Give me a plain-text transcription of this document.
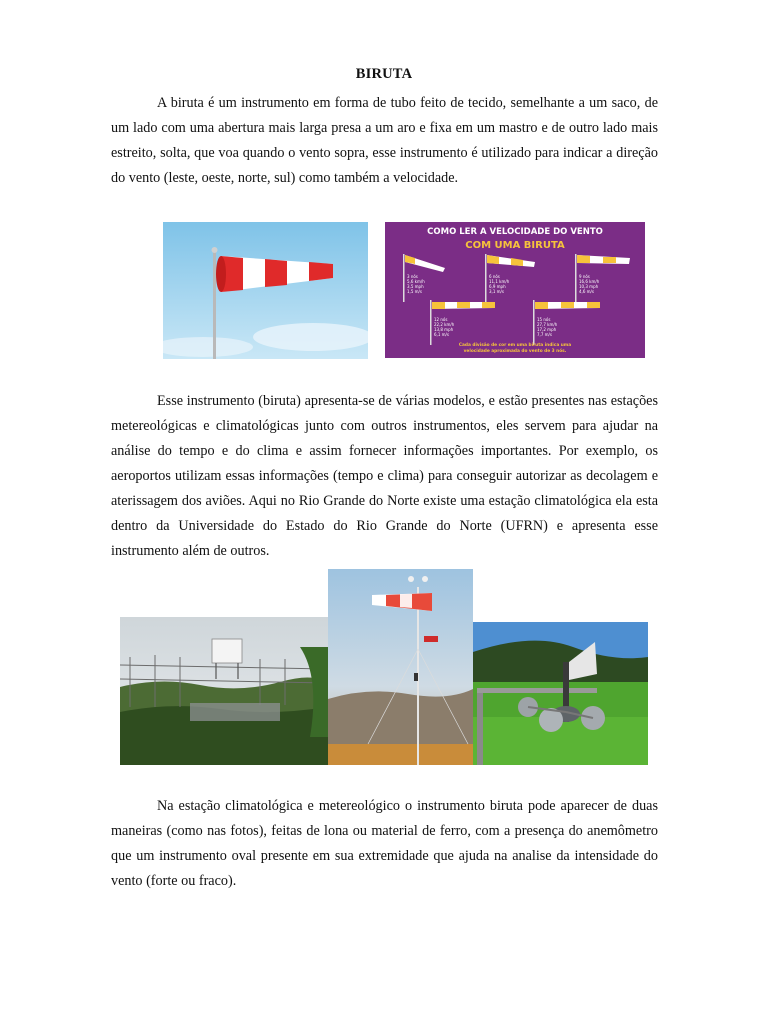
BIRUTA

A biruta é um instrumento em forma de tubo feito de tecido, semelhante a um saco, de um lado com uma abertura mais larga presa a um aro e fixa em um mastro e de outro lado mais estreito, solta, que voa quando o vento sopra, esse instrumento é utilizado para indicar a direção do vento (leste, oeste, norte, sul) como também a velocidade.

COMO LER A VELOCIDADE DO VENTO
COM UMA BIRUTA
3 nós
5,6 km/h
3,5 mph
1,5 m/s
6 nós
11,1 km/h
6,9 mph
3,1 m/s
9 nós
16,6 km/h
10,3 mph
4,6 m/s
12 nós
22,2 km/h
13,8 mph
6,1 m/s
15 nós
27,7 km/h
17,2 mph
7,7 m/s
Cada divisão de cor em uma biruta indica uma
velocidade aproximada do vento de 3 nós.

Esse instrumento (biruta) apresenta-se de várias modelos, e estão presentes nas estações metereológicas e climatológicas junto com outros instrumentos, eles servem para ajudar na análise do tempo e do clima e assim fornecer informações importantes. Por exemplo, os aeroportos utilizam essas informações (tempo e clima) para conseguir autorizar as decolagem e aterissagem dos aviões. Aqui no Rio Grande do Norte existe uma estação climatológica ela esta dentro da Universidade do Estado do Rio Grande do Norte (UFRN) e apresenta esse instrumento além de outros.

Na estação climatológica e metereológico o instrumento biruta pode aparecer de duas maneiras (como nas fotos), feitas de lona ou material de ferro, com a presença do anemômetro que um instrumento oval presente em sua extremidade que ajuda na analise da intensidade do vento (forte ou fraco).
